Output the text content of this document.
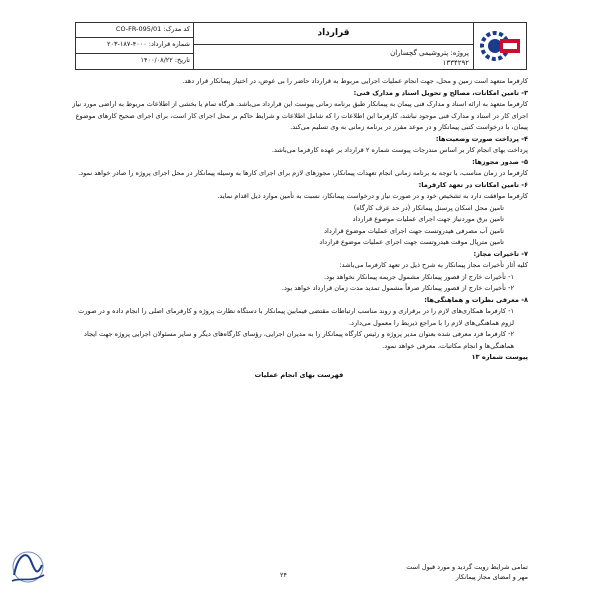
کد مدرک: CO-FR-095/01
شماره قرارداد: ۴۰۰۰-۱۸۷-۲۰۳
تاریخ: ۱۴۰۰/۰۸/۲۲
قرارداد
پروژه: پتروشیمی گچساران
۱۳۳۴۲۹۲

کارفرما متعهد است زمین و محل، جهت انجام عملیات اجرایی مربوط به قرارداد حاضر را بی عوض، در اختیار پیمانکار قرار دهد.

۳- تامین امکانات، مصالح و تحویل اسناد و مدارک فنی:

کارفرما متعهد به ارائه اسناد و مدارک فنی پیمان به پیمانکار طبق برنامه زمانی پیوست این قرارداد می‌باشد. هرگاه تمام یا بخشی از اطلاعات مربوط به اراضی مورد نیاز اجرای کار در اسناد و مدارک فنی موجود نباشد، کارفرما این اطلاعات را که شامل اطلاعات و شرایط حاکم بر محل اجرای کار است، برای اجرای صحیح کارهای موضوع پیمان، با درخواست کتبی پیمانکار و در موعد مقرر در برنامه زمانی به وی تسلیم می‌کند.

۴- پرداخت صورت وضعیت‌ها:

پرداخت بهای انجام کار بر اساس مندرجات پیوست شماره ۲ قرارداد بر عهده کارفرما می‌باشد.

۵- صدور مجوزها:

کارفرما در زمان مناسب، با توجه به برنامه زمانی انجام تعهدات پیمانکار، مجوزهای لازم برای اجرای کارها به وسیله پیمانکار در محل اجرای پروژه را صادر خواهد نمود.

۶- تامین امکانات در تعهد کارفرما:

کارفرما موافقت دارد به تشخیص خود و در صورت نیاز و درخواست پیمانکار، نسبت به تأمین موارد ذیل اقدام نماید.

تامین محل اسکان پرسنل پیمانکار (در حد عرف کارگاه)

تامین برق موردنیاز جهت اجرای عملیات موضوع قرارداد

تامین آب مصرفی هیدروتست جهت اجرای عملیات موضوع قرارداد

تامین مترپال موقت هیدروتست جهت اجرای عملیات موضوع قرارداد

۷- تاخیرات مجاز:

کلیه آثار تأخیرات مجاز پیمانکار به شرح ذیل در تعهد کارفرما می‌باشد:

۱- تأخیرات خارج از قصور پیمانکار مشمول جریمه پیمانکار نخواهد بود.

۲- تأخیرات خارج از قصور پیمانکار صرفاً مشمول تمدید مدت زمان قرارداد خواهد بود.

۸- معرفی نظرات و هماهنگی‌ها:

۱- کارفرما همکاری‌های لازم را در برقراری و روند مناسب ارتباطات مقتضی فیمابین پیمانکار با دستگاه نظارت پروژه و کارفرمای اصلی را انجام داده و در صورت لزوم هماهنگی‌های لازم را با مراجع ذیربط را معمول می‌دارد.

۲- کارفرما فرد معرفی شده بعنوان مدیر پروژه و رئیس کارگاه پیمانکار را به مدیران اجرایی، رؤسای کارگاه‌های دیگر و سایر مسئولان اجرایی پروژه جهت ایجاد هماهنگی‌ها و انجام مکاتبات، معرفی خواهد نمود.

پیوست شماره ۱۳

فهرست بهای انجام عملیات

تمامی شرایط رویت گردید و مورد قبول است
مهر و امضای مجاز پیمانکار
۲۴
